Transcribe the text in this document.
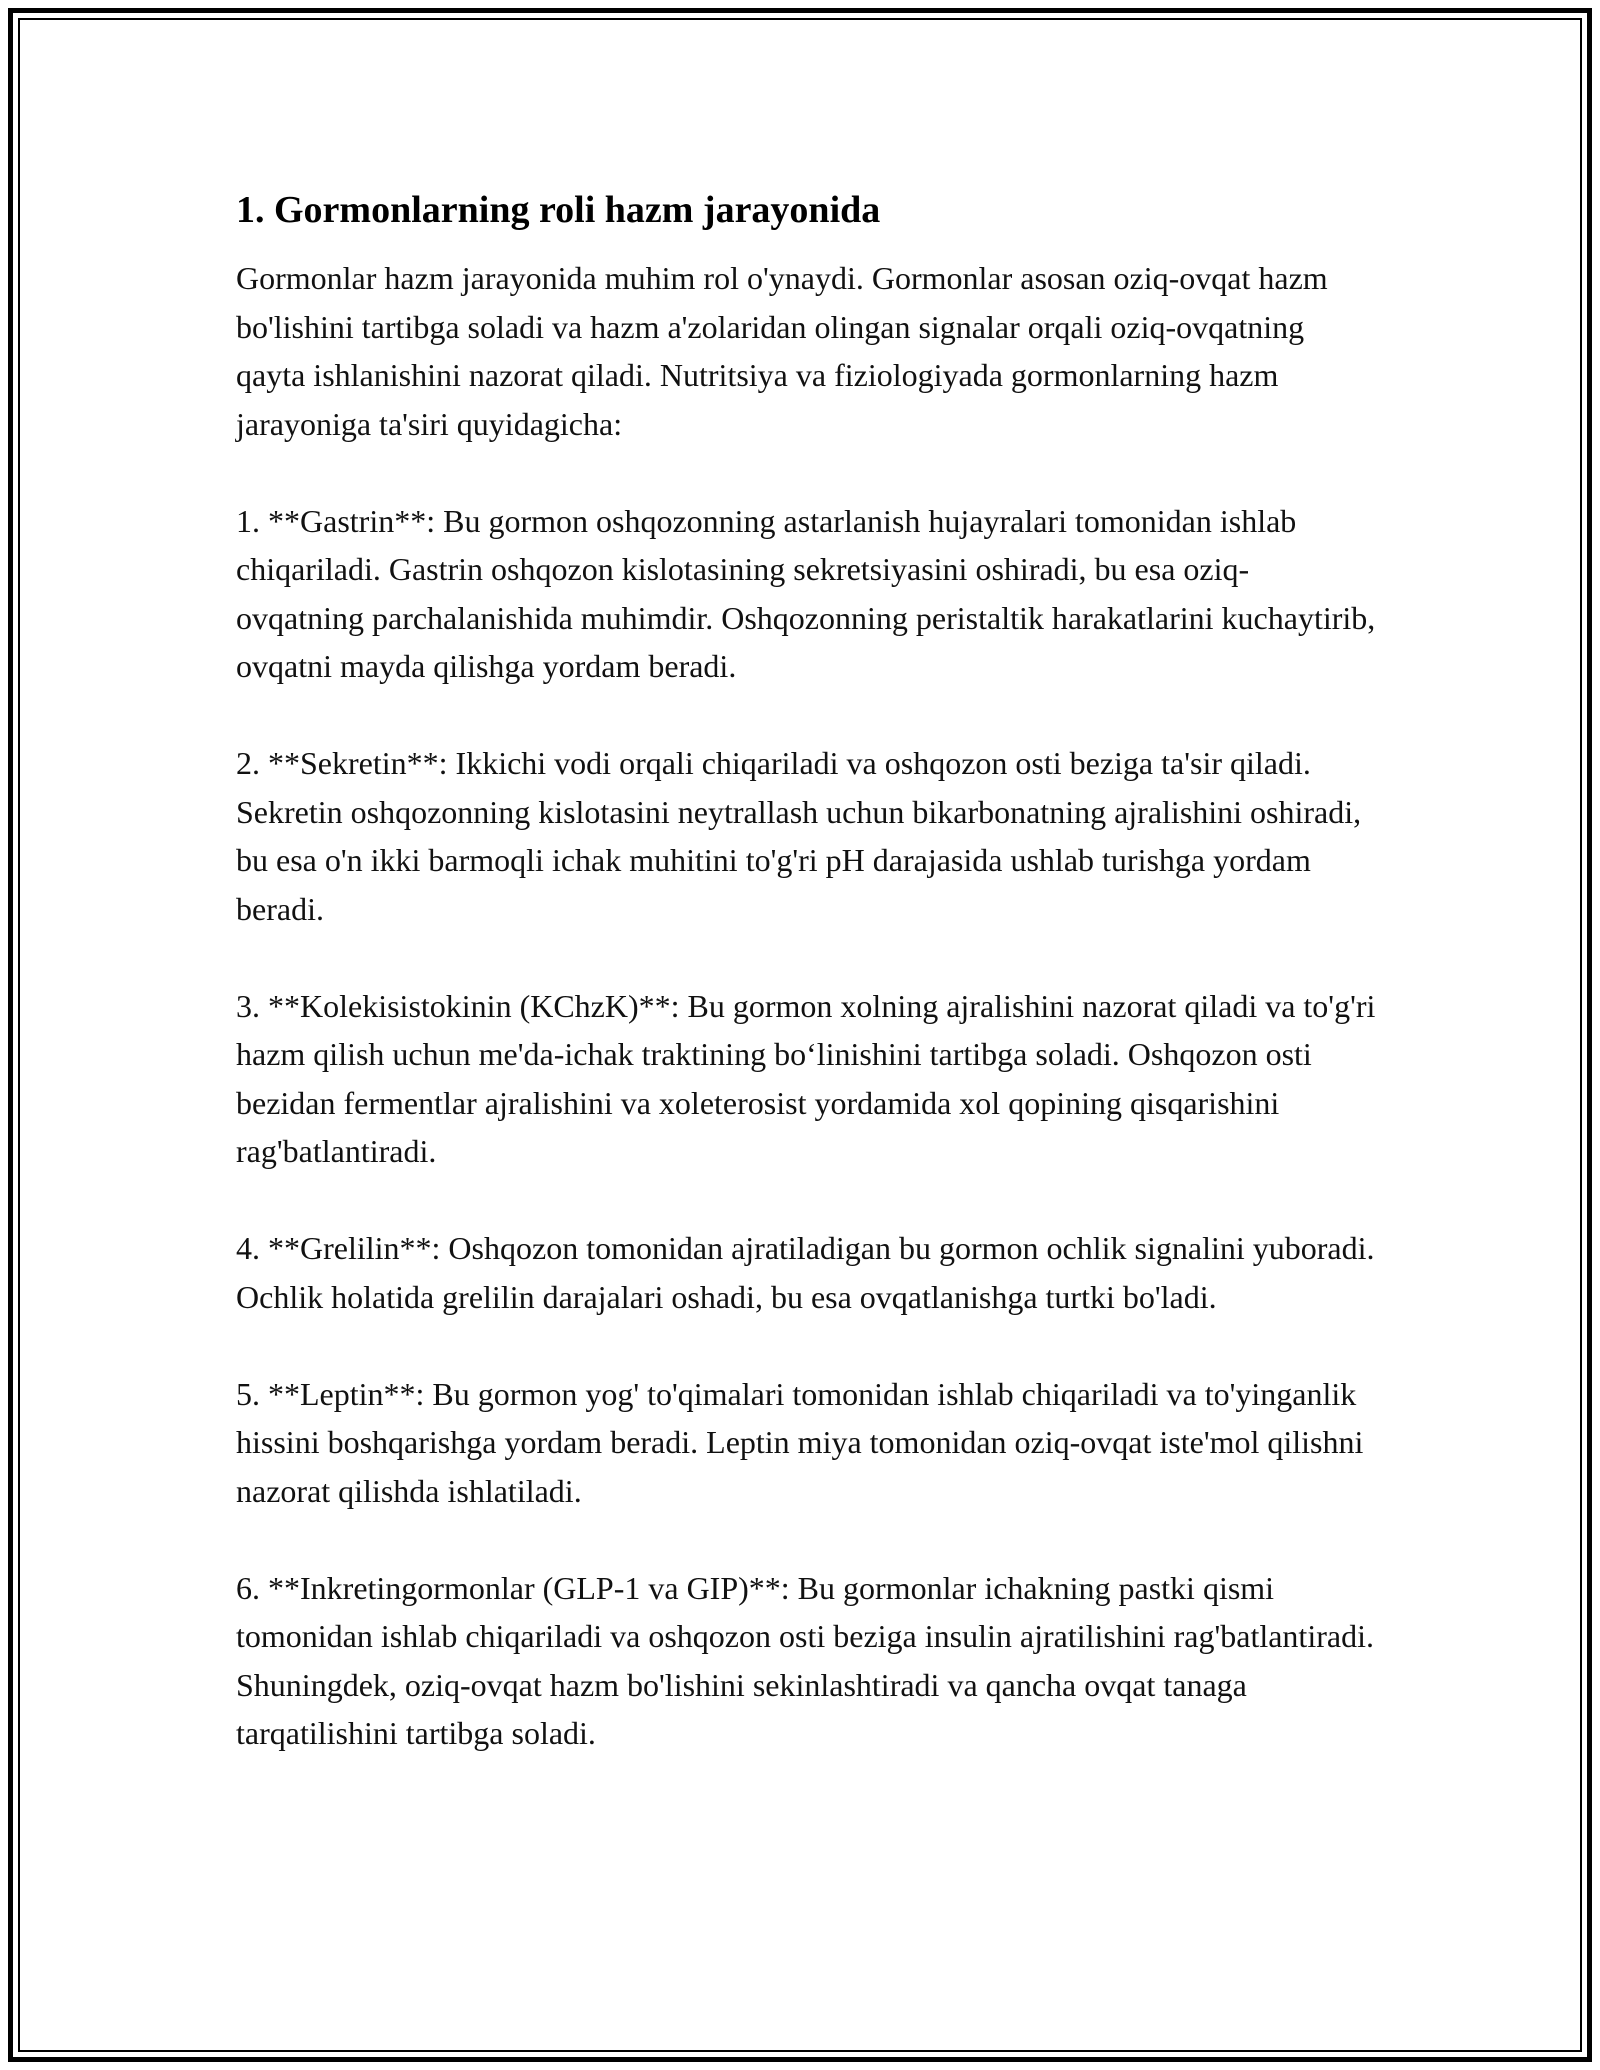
1. Gormonlarning roli hazm jarayonida

Gormonlar hazm jarayonida muhim rol o'ynaydi. Gormonlar asosan oziq-ovqat hazm bo'lishini tartibga soladi va hazm a'zolaridan olingan signalar orqali oziq-ovqatning qayta ishlanishini nazorat qiladi. Nutritsiya va fiziologiyada gormonlarning hazm jarayoniga ta'siri quyidagicha:

1. **Gastrin**: Bu gormon oshqozonning astarlanish hujayralari tomonidan ishlab chiqariladi. Gastrin oshqozon kislotasining sekretsiyasini oshiradi, bu esa oziq-ovqatning parchalanishida muhimdir. Oshqozonning peristaltik harakatlarini kuchaytirib, ovqatni mayda qilishga yordam beradi.

2. **Sekretin**: Ikkichi vodi orqali chiqariladi va oshqozon osti beziga ta'sir qiladi. Sekretin oshqozonning kislotasini neytrallash uchun bikarbonatning ajralishini oshiradi, bu esa o'n ikki barmoqli ichak muhitini to'g'ri pH darajasida ushlab turishga yordam beradi.

3. **Kolekisistokinin (KChzK)**: Bu gormon xolning ajralishini nazorat qiladi va to'g'ri hazm qilish uchun me'da-ichak traktining bo‘linishini tartibga soladi. Oshqozon osti bezidan fermentlar ajralishini va xoleterosist yordamida xol qopining qisqarishini rag'batlantiradi.

4. **Grelilin**: Oshqozon tomonidan ajratiladigan bu gormon ochlik signalini yuboradi. Ochlik holatida grelilin darajalari oshadi, bu esa ovqatlanishga turtki bo'ladi.

5. **Leptin**: Bu gormon yog' to'qimalari tomonidan ishlab chiqariladi va to'yinganlik hissini boshqarishga yordam beradi. Leptin miya tomonidan oziq-ovqat iste'mol qilishni nazorat qilishda ishlatiladi.

6. **Inkretingormonlar (GLP-1 va GIP)**: Bu gormonlar ichakning pastki qismi tomonidan ishlab chiqariladi va oshqozon osti beziga insulin ajratilishini rag'batlantiradi. Shuningdek, oziq-ovqat hazm bo'lishini sekinlashtiradi va qancha ovqat tanaga tarqatilishini tartibga soladi.
